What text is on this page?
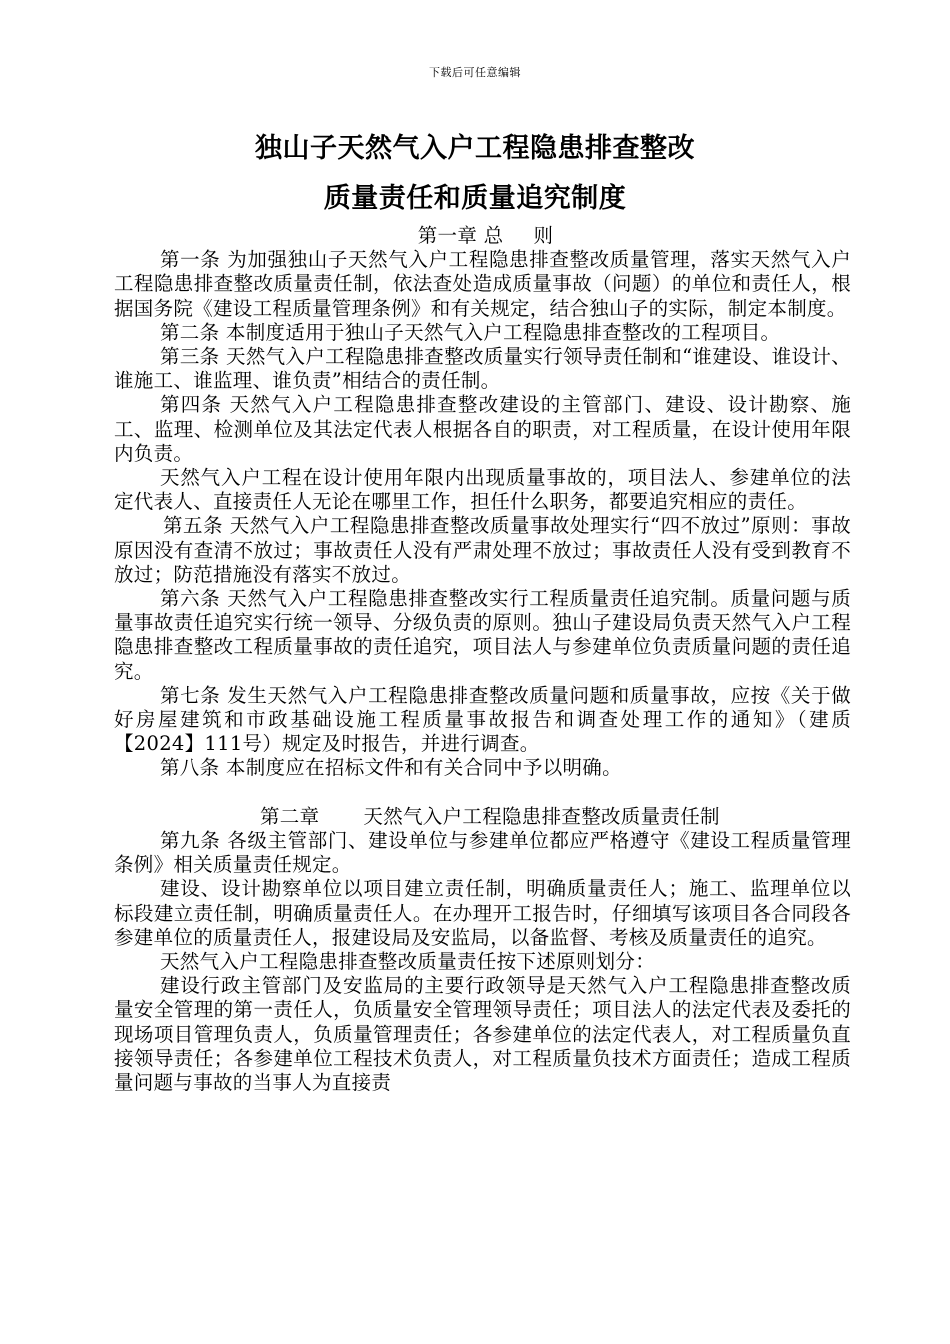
下载后可任意编辑
独山子天然气入户工程隐患排查整改
质量责任和质量追究制度

第一章 总 则

第一条 为加强独山子天然气入户工程隐患排查整改质量管理，落实天然气入户工程隐患排查整改质量责任制，依法查处造成质量事故（问题）的单位和责任人，根据国务院《建设工程质量管理条例》和有关规定，结合独山子的实际，制定本制度。

第二条 本制度适用于独山子天然气入户工程隐患排查整改的工程项目。

第三条 天然气入户工程隐患排查整改质量实行领导责任制和“谁建设、谁设计、谁施工、谁监理、谁负责”相结合的责任制。

第四条 天然气入户工程隐患排查整改建设的主管部门、建设、设计勘察、施工、监理、检测单位及其法定代表人根据各自的职责，对工程质量，在设计使用年限内负责。

天然气入户工程在设计使用年限内出现质量事故的，项目法人、参建单位的法定代表人、直接责任人无论在哪里工作，担任什么职务，都要追究相应的责任。

第五条 天然气入户工程隐患排查整改质量事故处理实行“四不放过”原则：事故原因没有查清不放过；事故责任人没有严肃处理不放过；事故责任人没有受到教育不放过；防范措施没有落实不放过。

第六条 天然气入户工程隐患排查整改实行工程质量责任追究制。质量问题与质量事故责任追究实行统一领导、分级负责的原则。独山子建设局负责天然气入户工程隐患排查整改工程质量事故的责任追究，项目法人与参建单位负责质量问题的责任追究。

第七条 发生天然气入户工程隐患排查整改质量问题和质量事故，应按《关于做好房屋建筑和市政基础设施工程质量事故报告和调查处理工作的通知》（建质【2024】111号）规定及时报告，并进行调查。

第八条 本制度应在招标文件和有关合同中予以明确。

第二章 天然气入户工程隐患排查整改质量责任制

第九条 各级主管部门、建设单位与参建单位都应严格遵守《建设工程质量管理条例》相关质量责任规定。

建设、设计勘察单位以项目建立责任制，明确质量责任人；施工、监理单位以标段建立责任制，明确质量责任人。在办理开工报告时，仔细填写该项目各合同段各参建单位的质量责任人，报建设局及安监局，以备监督、考核及质量责任的追究。

天然气入户工程隐患排查整改质量责任按下述原则划分：

建设行政主管部门及安监局的主要行政领导是天然气入户工程隐患排查整改质量安全管理的第一责任人，负质量安全管理领导责任；项目法人的法定代表及委托的现场项目管理负责人，负质量管理责任；各参建单位的法定代表人，对工程质量负直接领导责任；各参建单位工程技术负责人，对工程质量负技术方面责任；造成工程质量问题与事故的当事人为直接责
